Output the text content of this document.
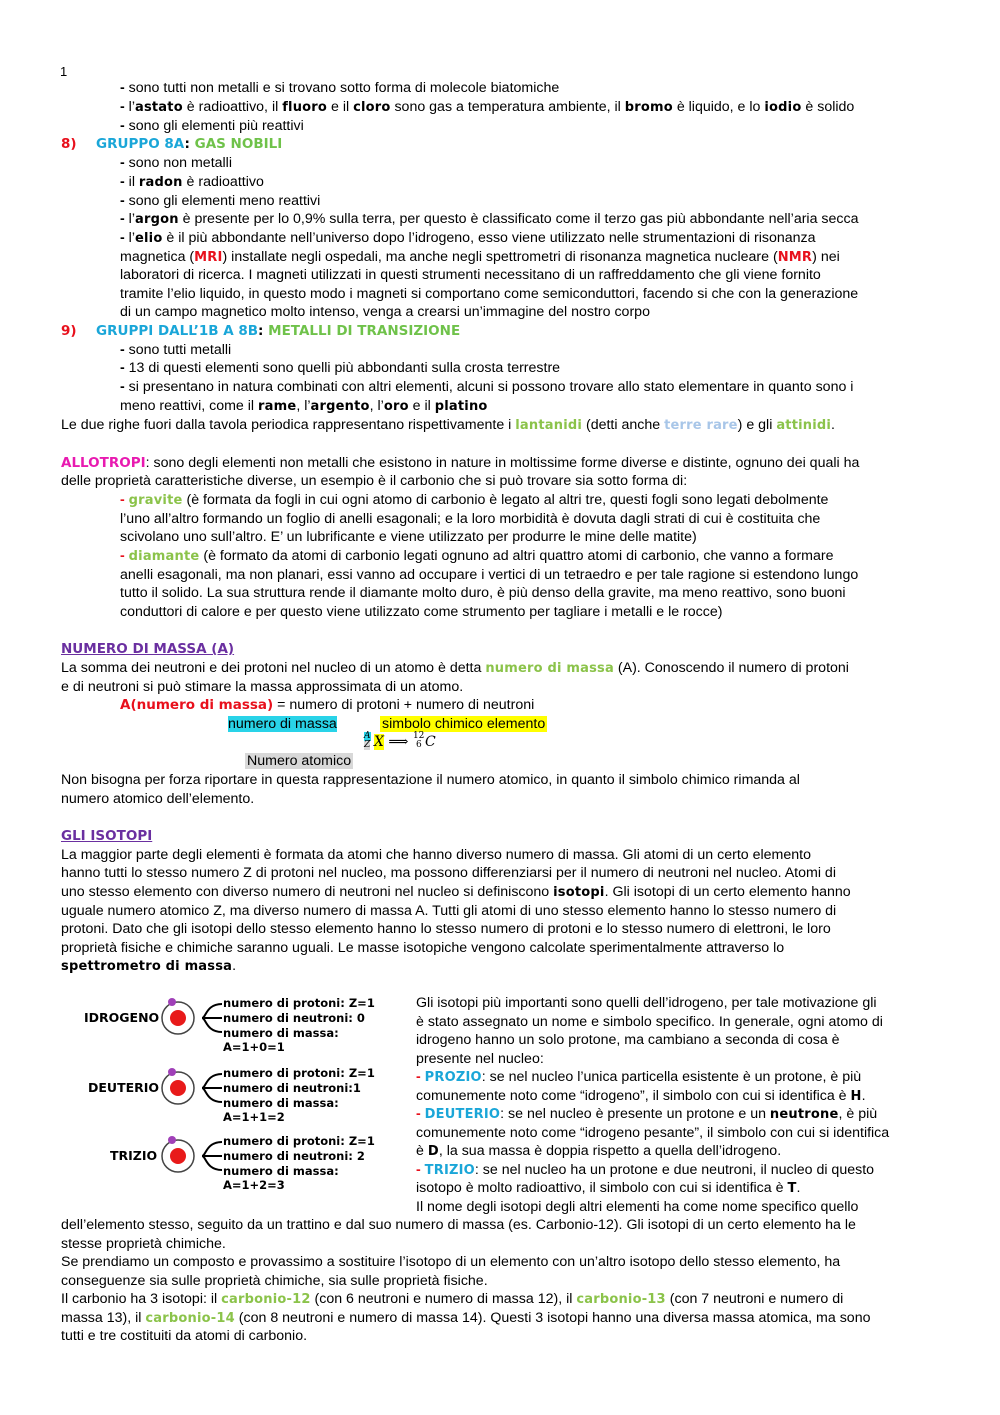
1
- sono tutti non metalli e si trovano sotto forma di molecole biatomiche
- l’astato è radioattivo, il fluoro e il cloro sono gas a temperatura ambiente, il bromo è liquido, e lo iodio è solido
- sono gli elementi più reattivi
8) GRUPPO 8A: GAS NOBILI
- sono non metalli
- il radon è radioattivo
- sono gli elementi meno reattivi
- l’argon è presente per lo 0,9% sulla terra, per questo è classificato come il terzo gas più abbondante nell’aria secca
- l’elio è il più abbondante nell’universo dopo l’idrogeno, esso viene utilizzato nelle strumentazioni di risonanza
magnetica (MRI) installate negli ospedali, ma anche negli spettrometri di risonanza magnetica nucleare (NMR) nei
laboratori di ricerca. I magneti utilizzati in questi strumenti necessitano di un raffreddamento che gli viene fornito
tramite l’elio liquido, in questo modo i magneti si comportano come semiconduttori, facendo si che con la generazione
di un campo magnetico molto intenso, venga a crearsi un’immagine del nostro corpo
9) GRUPPI DALL’1B A 8B: METALLI DI TRANSIZIONE
- sono tutti metalli
- 13 di questi elementi sono quelli più abbondanti sulla crosta terrestre
- si presentano in natura combinati con altri elementi, alcuni si possono trovare allo stato elementare in quanto sono i
meno reattivi, come il rame, l’argento, l’oro e il platino
Le due righe fuori dalla tavola periodica rappresentano rispettivamente i lantanidi (detti anche terre rare) e gli attinidi.
ALLOTROPI: sono degli elementi non metalli che esistono in nature in moltissime forme diverse e distinte, ognuno dei quali ha
delle proprietà caratteristiche diverse, un esempio è il carbonio che si può trovare sia sotto forma di:
- gravite (è formata da fogli in cui ogni atomo di carbonio è legato al altri tre, questi fogli sono legati debolmente
l’uno all’altro formando un foglio di anelli esagonali; e la loro morbidità è dovuta dagli strati di cui è costituita che
scivolano uno sull’altro. E’ un lubrificante e viene utilizzato per produrre le mine delle matite)
- diamante (è formato da atomi di carbonio legati ognuno ad altri quattro atomi di carbonio, che vanno a formare
anelli esagonali, ma non planari, essi vanno ad occupare i vertici di un tetraedro e per tale ragione si estendono lungo
tutto il solido. La sua struttura rende il diamante molto duro, è più denso della gravite, ma meno reattivo, sono buoni
conduttori di calore e per questo viene utilizzato come strumento per tagliare i metalli e le rocce)
NUMERO DI MASSA (A)
La somma dei neutroni e dei protoni nel nucleo di un atomo è detta numero di massa (A). Conoscendo il numero di protoni
e di neutroni si può stimare la massa approssimata di un atomo.
A(numero di massa) = numero di protoni + numero di neutroni
numero di massa	simbolo chimico elemento
A
Z X ⟹ 12
6 C
Numero atomico
Non bisogna per forza riportare in questa rappresentazione il numero atomico, in quanto il simbolo chimico rimanda al
numero atomico dell’elemento.
GLI ISOTOPI
La maggior parte degli elementi è formata da atomi che hanno diverso numero di massa. Gli atomi di un certo elemento
hanno tutti lo stesso numero Z di protoni nel nucleo, ma possono differenziarsi per il numero di neutroni nel nucleo. Atomi di
uno stesso elemento con diverso numero di neutroni nel nucleo si definiscono isotopi. Gli isotopi di un certo elemento hanno
uguale numero atomico Z, ma diverso numero di massa A. Tutti gli atomi di uno stesso elemento hanno lo stesso numero di
protoni. Dato che gli isotopi dello stesso elemento hanno lo stesso numero di protoni e lo stesso numero di elettroni, le loro
proprietà fisiche e chimiche saranno uguali. Le masse isotopiche vengono calcolate sperimentalmente attraverso lo
spettrometro di massa.
IDROGENO
numero di protoni: Z=1
numero di neutroni: 0
numero di massa: A=1+0=1
DEUTERIO
numero di protoni: Z=1
numero di neutroni:1
numero di massa: A=1+1=2
TRIZIO
numero di protoni: Z=1
numero di neutroni: 2
numero di massa: A=1+2=3
Gli isotopi più importanti sono quelli dell’idrogeno, per tale motivazione gli
è stato assegnato un nome e simbolo specifico. In generale, ogni atomo di
idrogeno hanno un solo protone, ma cambiano a seconda di cosa è
presente nel nucleo:
- PROZIO: se nel nucleo l’unica particella esistente è un protone, è più
comunemente noto come “idrogeno”, il simbolo con cui si identifica è H.
- DEUTERIO: se nel nucleo è presente un protone e un neutrone, è più
comunemente noto come “idrogeno pesante”, il simbolo con cui si identifica
è D, la sua massa è doppia rispetto a quella dell’idrogeno.
- TRIZIO: se nel nucleo ha un protone e due neutroni, il nucleo di questo
isotopo è molto radioattivo, il simbolo con cui si identifica è T.
Il nome degli isotopi degli altri elementi ha come nome specifico quello
dell’elemento stesso, seguito da un trattino e dal suo numero di massa (es. Carbonio-12). Gli isotopi di un certo elemento ha le
stesse proprietà chimiche.
Se prendiamo un composto e provassimo a sostituire l’isotopo di un elemento con un’altro isotopo dello stesso elemento, ha
conseguenze sia sulle proprietà chimiche, sia sulle proprietà fisiche.
Il carbonio ha 3 isotopi: il carbonio-12 (con 6 neutroni e numero di massa 12), il carbonio-13 (con 7 neutroni e numero di
massa 13), il carbonio-14 (con 8 neutroni e numero di massa 14). Questi 3 isotopi hanno una diversa massa atomica, ma sono
tutti e tre costituiti da atomi di carbonio.
